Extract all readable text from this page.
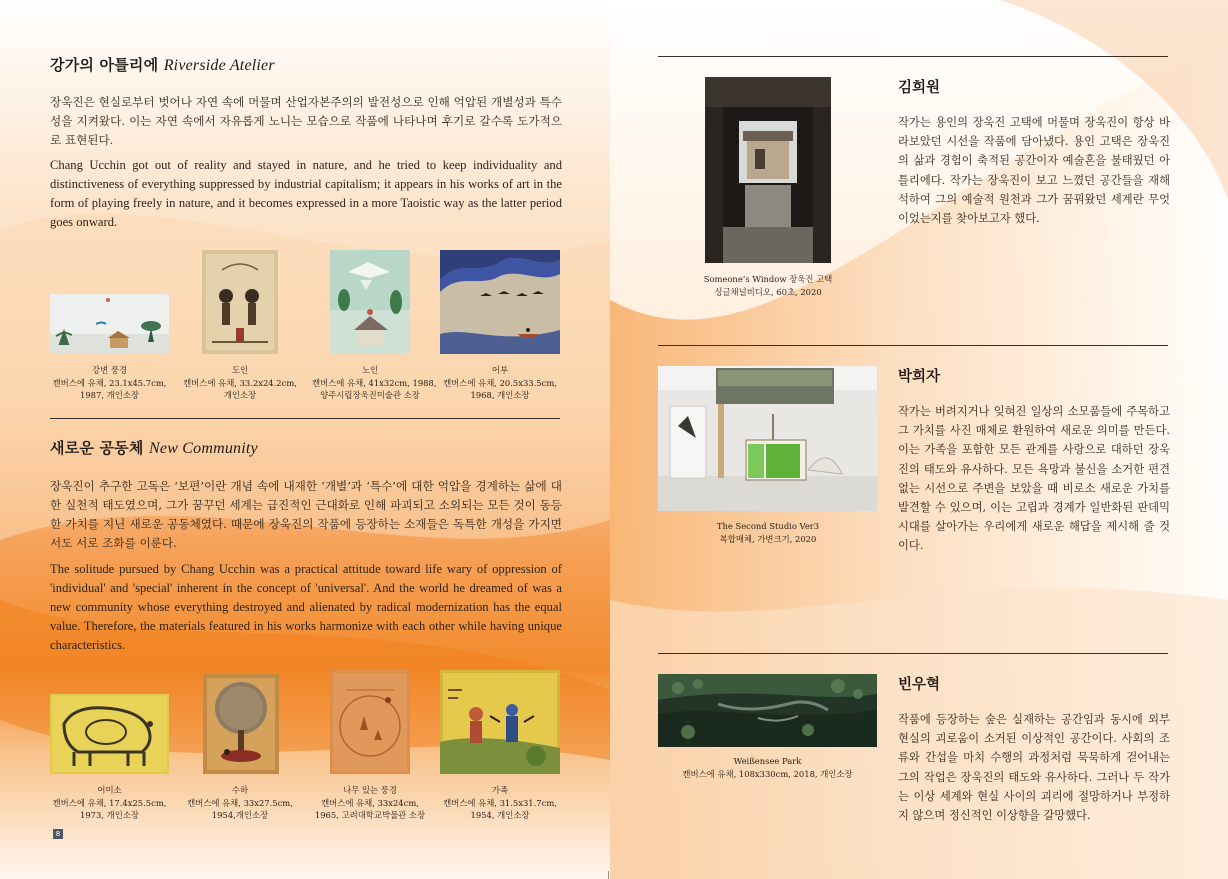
강가의 아틀리에 Riverside Atelier

장욱진은 현실로부터 벗어나 자연 속에 머물며 산업자본주의의 발전성으로 인해 억압된 개별성과 특수성을 지켜왔다. 이는 자연 속에서 자유롭게 노니는 모습으로 작품에 나타나며 후기로 갈수록 도가적으로 표현된다.

Chang Ucchin got out of reality and stayed in nature, and he tried to keep individuality and distinctiveness of everything suppressed by industrial capitalism; it appears in his works of art in the form of playing freely in nature, and it becomes expressed in a more Taoistic way as the latter period goes onward.

강변 풍경
캔버스에 유채, 23.1x45.7cm,
1987, 개인소장
도인
캔버스에 유채, 33.2x24.2cm,
개인소장
노인
캔버스에 유채, 41x32cm, 1988,
양주시립장욱진미술관 소장
어부
캔버스에 유채, 20.5x33.5cm,
1968, 개인소장
새로운 공동체 New Community

장욱진이 추구한 고독은 ‘보편’이란 개념 속에 내재한 ‘개별’과 ‘특수’에 대한 억압을 경계하는 삶에 대한 실천적 태도였으며, 그가 꿈꾸던 세계는 급진적인 근대화로 인해 파괴되고 소외되는 모든 것이 동등한 가치를 지닌 새로운 공동체였다. 때문에 장욱진의 작품에 등장하는 소재들은 독특한 개성을 가지면서도 서로 조화를 이룬다.

The solitude pursued by Chang Ucchin was a practical attitude toward life wary of oppression of 'individual' and 'special' inherent in the concept of 'universal'. And the world he dreamed of was a new community whose everything destroyed and alienated by radical modernization has the equal value. Therefore, the materials featured in his works harmonize with each other while having unique characteristics.

어미소
캔버스에 유채, 17.4x25.5cm,
1973, 개인소장
수하
캔버스에 유채, 33x27.5cm,
1954,개인소장
나무 있는 풍경
캔버스에 유채, 33x24cm,
1965, 고려대학교박물관 소장
가족
캔버스에 유채, 31.5x31.7cm,
1954, 개인소장
8
Someone’s Window 장욱진 고택
싱글채널비디오, 60초, 2020
김희원

작가는 용인의 장욱진 고택에 머물며 장욱진이 항상 바라보았던 시선을 작품에 담아냈다. 용인 고택은 장욱진의 삶과 경험이 축적된 공간이자 예술혼을 불태웠던 아틀리에다. 작가는 장욱진이 보고 느꼈던 공간들을 재해석하여 그의 예술적 원천과 그가 꿈꿔왔던 세계란 무엇이었는지를 찾아보고자 했다.

The Second Studio Ver3
복합매체, 가변크기, 2020
박희자

작가는 버려지거나 잊혀진 일상의 소모품들에 주목하고 그 가치를 사진 매체로 환원하여 새로운 의미를 만든다. 이는 가족을 포함한 모든 관계를 사랑으로 대하던 장욱진의 태도와 유사하다. 모든 욕망과 불신을 소거한 편견없는 시선으로 주변을 보았을 때 비로소 새로운 가치를 발견할 수 있으며, 이는 고립과 경계가 일반화된 판데믹 시대를 살아가는 우리에게 새로운 해답을 제시해 줄 것이다.

Weißensee Park
캔버스에 유채, 108x330cm, 2018, 개인소장
빈우혁

작품에 등장하는 숲은 실재하는 공간임과 동시에 외부현실의 괴로움이 소거된 이상적인 공간이다. 사회의 조류와 간섭을 마치 수행의 과정처럼 묵묵하게 걷어내는 그의 작업은 장욱진의 태도와 유사하다. 그러나 두 작가는 이상 세계와 현실 사이의 괴리에 절망하거나 부정하지 않으며 정신적인 이상향을 갈망했다.
